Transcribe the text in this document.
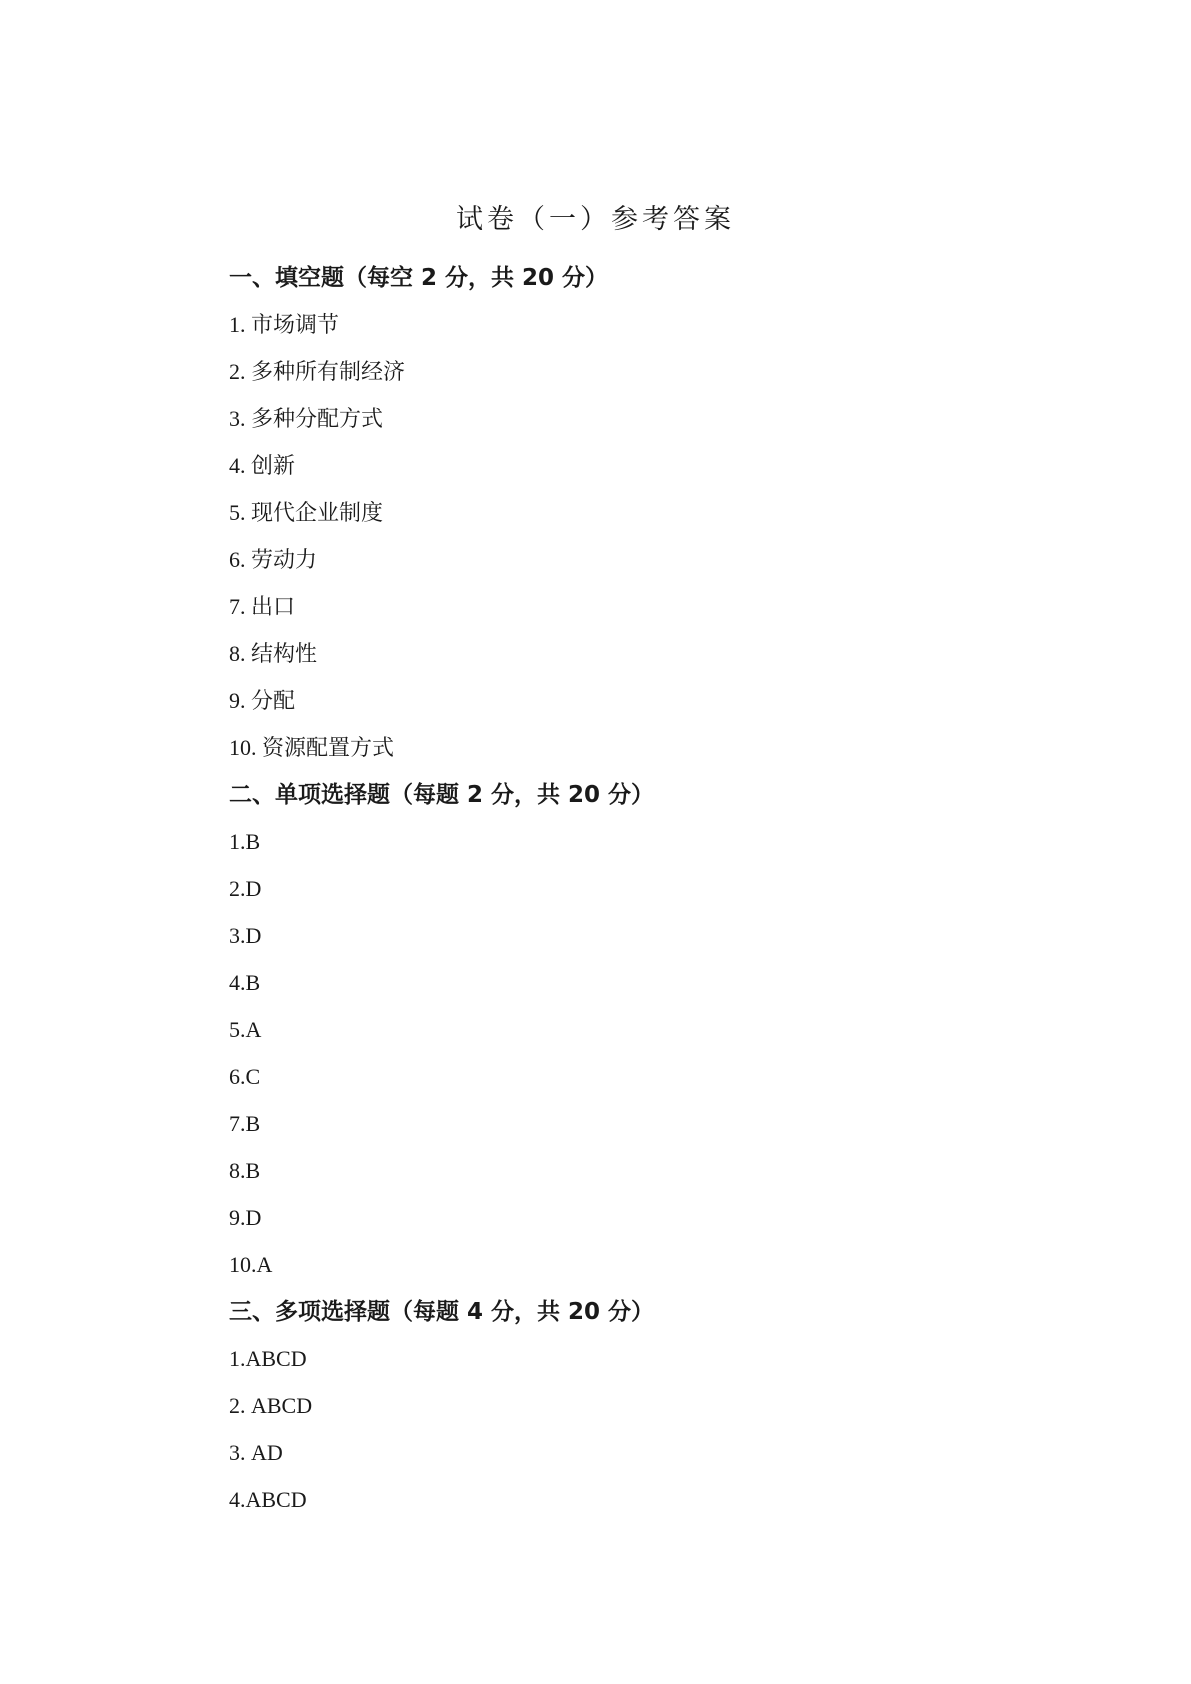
试卷（一）参考答案
一、填空题（每空 2 分，共 20 分）
1. 市场调节
2. 多种所有制经济
3. 多种分配方式
4. 创新
5. 现代企业制度
6. 劳动力
7. 出口
8. 结构性
9. 分配
10. 资源配置方式
二、单项选择题（每题 2 分，共 20 分）
1.B
2.D
3.D
4.B
5.A
6.C
7.B
8.B
9.D
10.A
三、多项选择题（每题 4 分，共 20 分）
1.ABCD
2. ABCD
3. AD
4.ABCD
